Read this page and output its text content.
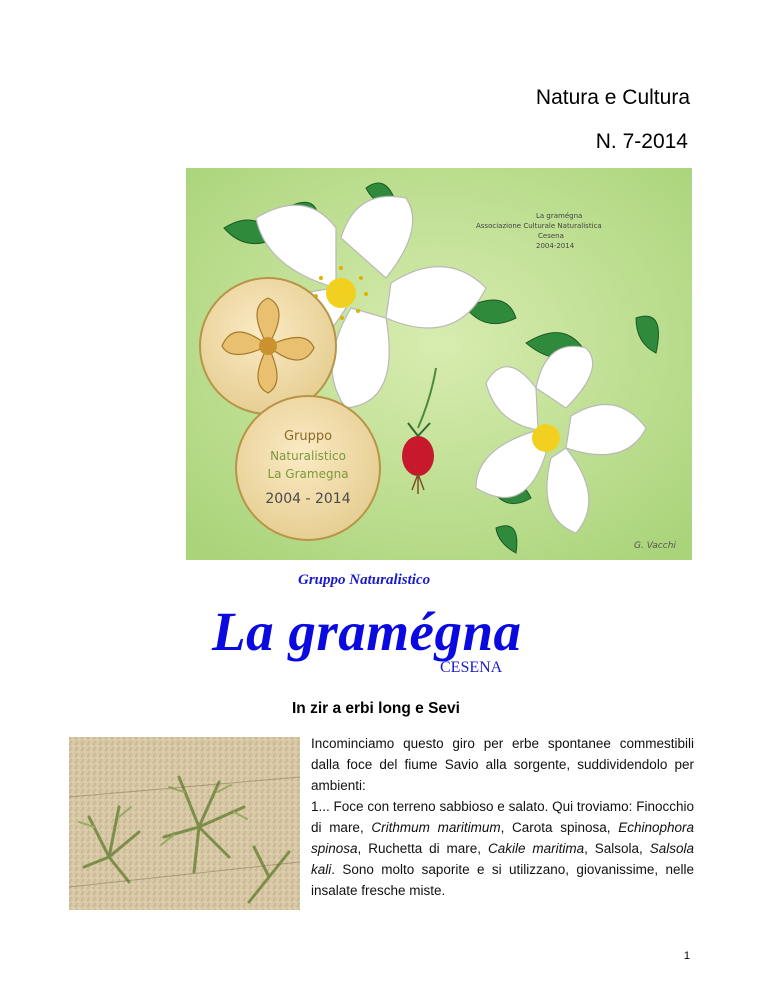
Natura e Cultura
N. 7-2014
Gruppo
Naturalistico
La Gramegna
2004 - 2014
La gramégna
Associazione Culturale Naturalistica
Cesena
2004-2014
G. Vacchi
Gruppo Naturalistico
La gramégna
CESENA
In zir a erbi long e Sevi

Incominciamo questo giro per erbe spontanee commestibili dalla foce del fiume Savio alla sorgente, suddividendolo per ambienti:

1... Foce con terreno sabbioso e salato. Qui troviamo: Finocchio di mare, Crithmum maritimum, Carota spinosa, Echinophora spinosa, Ruchetta di mare, Cakile maritima, Salsola, Salsola kali. Sono molto saporite e si utilizzano, giovanissime, nelle insalate fresche miste.

1
